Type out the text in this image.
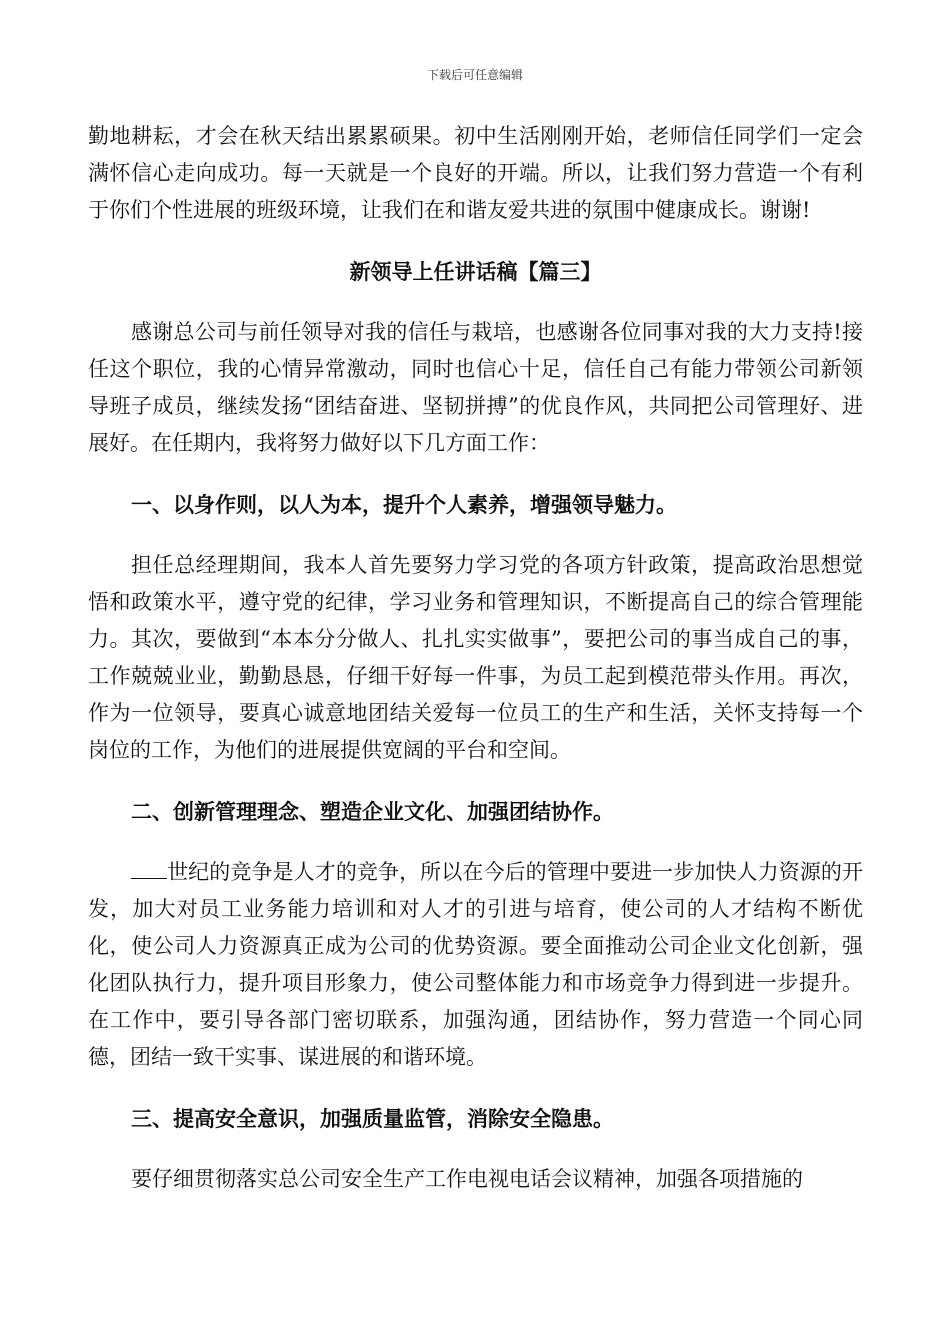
下载后可任意编辑

勤地耕耘，才会在秋天结出累累硕果。初中生活刚刚开始，老师信任同学们一定会满怀信心走向成功。每一天就是一个良好的开端。所以，让我们努力营造一个有利于你们个性进展的班级环境，让我们在和谐友爱共进的氛围中健康成长。谢谢!

新领导上任讲话稿【篇三】

感谢总公司与前任领导对我的信任与栽培，也感谢各位同事对我的大力支持!接任这个职位，我的心情异常激动，同时也信心十足，信任自己有能力带领公司新领导班子成员，继续发扬“团结奋进、坚韧拼搏”的优良作风，共同把公司管理好、进展好。在任期内，我将努力做好以下几方面工作：

一、以身作则，以人为本，提升个人素养，增强领导魅力。

担任总经理期间，我本人首先要努力学习党的各项方针政策，提高政治思想觉悟和政策水平，遵守党的纪律，学习业务和管理知识，不断提高自己的综合管理能力。其次，要做到“本本分分做人、扎扎实实做事”，要把公司的事当成自己的事，工作兢兢业业，勤勤恳恳，仔细干好每一件事，为员工起到模范带头作用。再次，作为一位领导，要真心诚意地团结关爱每一位员工的生产和生活，关怀支持每一个岗位的工作，为他们的进展提供宽阔的平台和空间。

二、创新管理理念、塑造企业文化、加强团结协作。

世纪的竞争是人才的竞争，所以在今后的管理中要进一步加快人力资源的开发，加大对员工业务能力培训和对人才的引进与培育，使公司的人才结构不断优化，使公司人力资源真正成为公司的优势资源。要全面推动公司企业文化创新，强化团队执行力，提升项目形象力，使公司整体能力和市场竞争力得到进一步提升。在工作中，要引导各部门密切联系，加强沟通，团结协作，努力营造一个同心同德，团结一致干实事、谋进展的和谐环境。

三、提高安全意识，加强质量监管，消除安全隐患。

要仔细贯彻落实总公司安全生产工作电视电话会议精神，加强各项措施的
